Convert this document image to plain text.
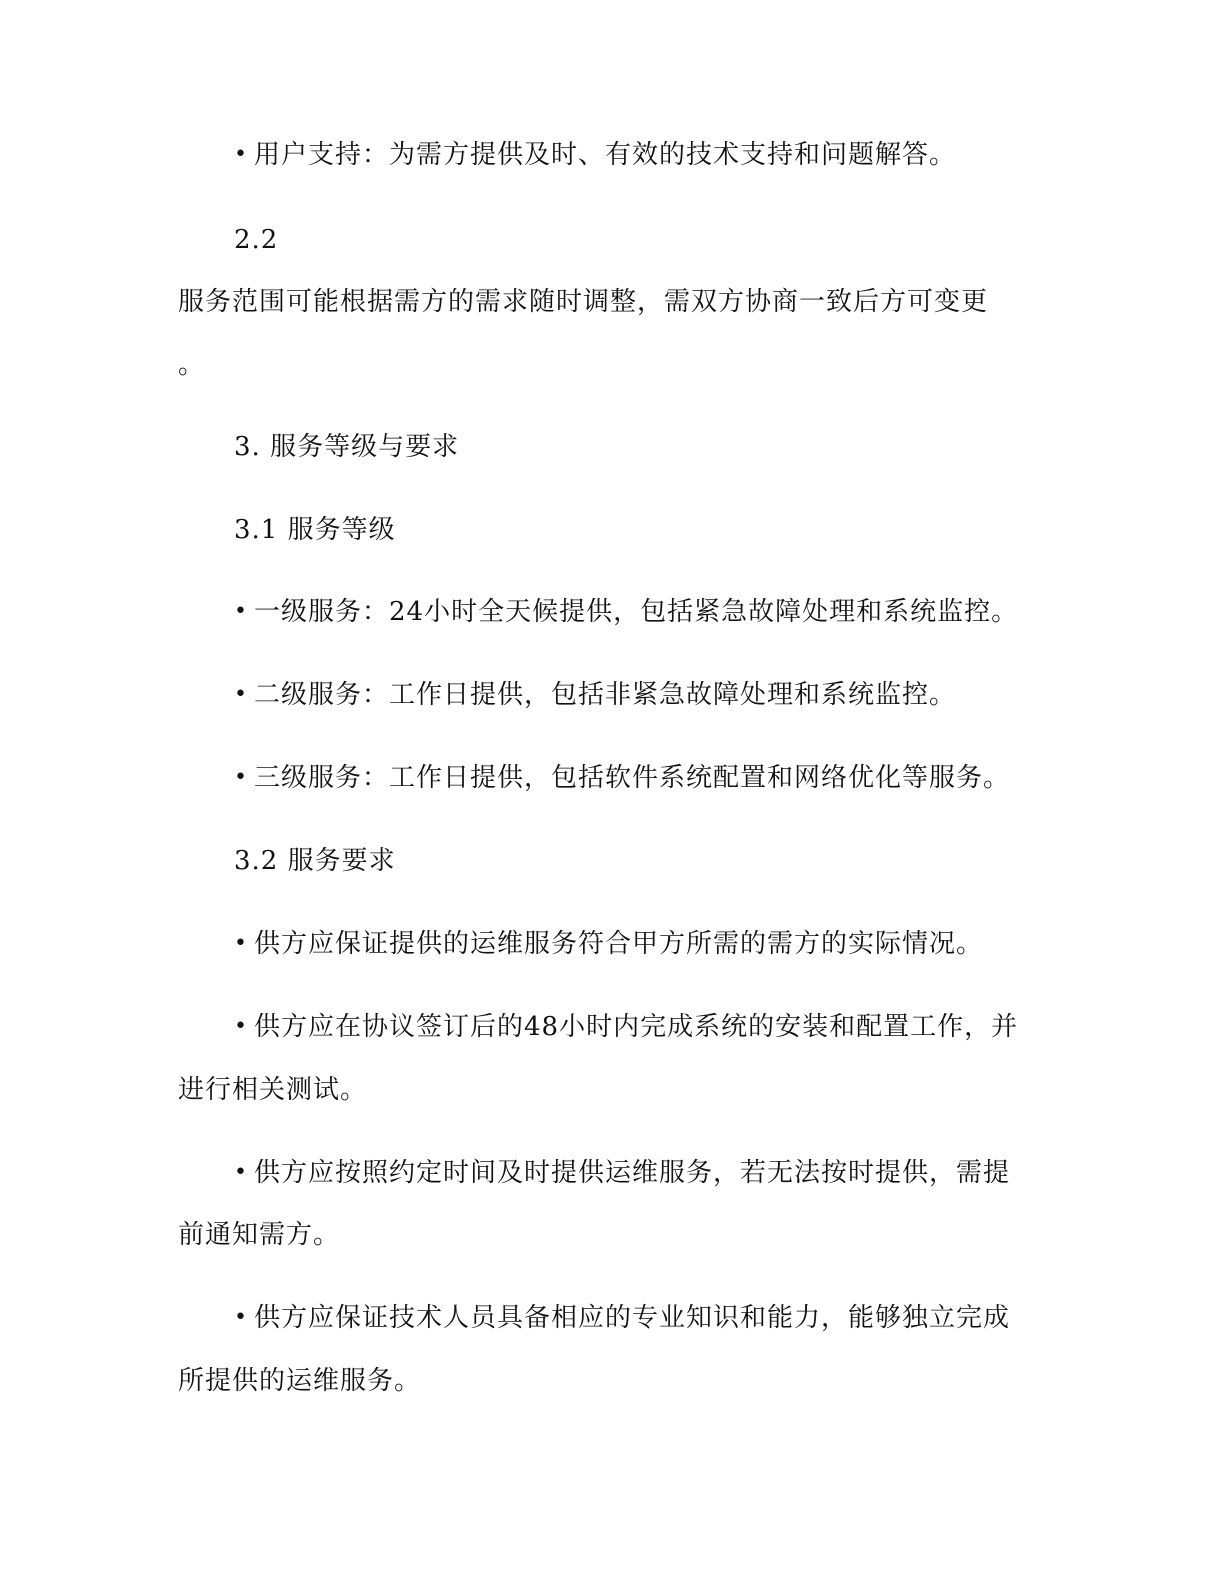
• 用户支持：为需方提供及时、有效的技术支持和问题解答。
2.2
服务范围可能根据需方的需求随时调整，需双方协商一致后方可变更
。
3. 服务等级与要求
3.1 服务等级
• 一级服务：24小时全天候提供，包括紧急故障处理和系统监控。
• 二级服务：工作日提供，包括非紧急故障处理和系统监控。
• 三级服务：工作日提供，包括软件系统配置和网络优化等服务。
3.2 服务要求
• 供方应保证提供的运维服务符合甲方所需的需方的实际情况。
• 供方应在协议签订后的48小时内完成系统的安装和配置工作，并
进行相关测试。
• 供方应按照约定时间及时提供运维服务，若无法按时提供，需提
前通知需方。
• 供方应保证技术人员具备相应的专业知识和能力，能够独立完成
所提供的运维服务。
